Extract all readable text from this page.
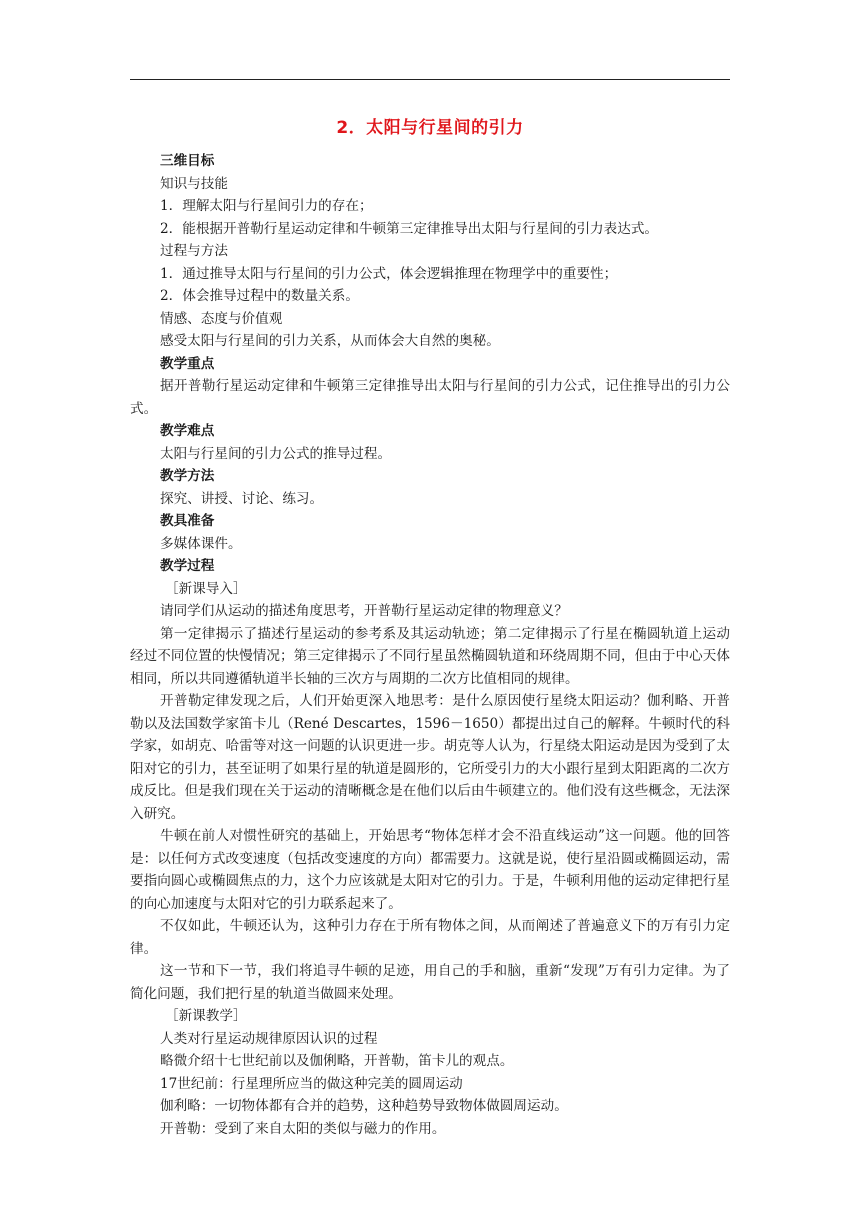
2．太阳与行星间的引力

三维目标

知识与技能

1．理解太阳与行星间引力的存在；

2．能根据开普勒行星运动定律和牛顿第三定律推导出太阳与行星间的引力表达式。

过程与方法

1．通过推导太阳与行星间的引力公式，体会逻辑推理在物理学中的重要性；

2．体会推导过程中的数量关系。

情感、态度与价值观

感受太阳与行星间的引力关系，从而体会大自然的奥秘。

教学重点

据开普勒行星运动定律和牛顿第三定律推导出太阳与行星间的引力公式，记住推导出的引力公式。

教学难点

太阳与行星间的引力公式的推导过程。

教学方法

探究、讲授、讨论、练习。

教具准备

多媒体课件。

教学过程

［新课导入］

请同学们从运动的描述角度思考，开普勒行星运动定律的物理意义？

第一定律揭示了描述行星运动的参考系及其运动轨迹；第二定律揭示了行星在椭圆轨道上运动经过不同位置的快慢情况；第三定律揭示了不同行星虽然椭圆轨道和环绕周期不同，但由于中心天体相同，所以共同遵循轨道半长轴的三次方与周期的二次方比值相同的规律。

开普勒定律发现之后，人们开始更深入地思考：是什么原因使行星绕太阳运动？伽利略、开普勒以及法国数学家笛卡儿（René Descartes，1596－1650）都提出过自己的解释。牛顿时代的科学家，如胡克、哈雷等对这一问题的认识更进一步。胡克等人认为，行星绕太阳运动是因为受到了太阳对它的引力，甚至证明了如果行星的轨道是圆形的，它所受引力的大小跟行星到太阳距离的二次方成反比。但是我们现在关于运动的清晰概念是在他们以后由牛顿建立的。他们没有这些概念，无法深入研究。

牛顿在前人对惯性研究的基础上，开始思考“物体怎样才会不沿直线运动”这一问题。他的回答是：以任何方式改变速度（包括改变速度的方向）都需要力。这就是说，使行星沿圆或椭圆运动，需要指向圆心或椭圆焦点的力，这个力应该就是太阳对它的引力。于是，牛顿利用他的运动定律把行星的向心加速度与太阳对它的引力联系起来了。

不仅如此，牛顿还认为，这种引力存在于所有物体之间，从而阐述了普遍意义下的万有引力定律。

这一节和下一节，我们将追寻牛顿的足迹，用自己的手和脑，重新“发现”万有引力定律。为了简化问题，我们把行星的轨道当做圆来处理。

［新课教学］

人类对行星运动规律原因认识的过程

略微介绍十七世纪前以及伽俐略，开普勒，笛卡儿的观点。

17世纪前：行星理所应当的做这种完美的圆周运动

伽利略：一切物体都有合并的趋势，这种趋势导致物体做圆周运动。

开普勒：受到了来自太阳的类似与磁力的作用。
